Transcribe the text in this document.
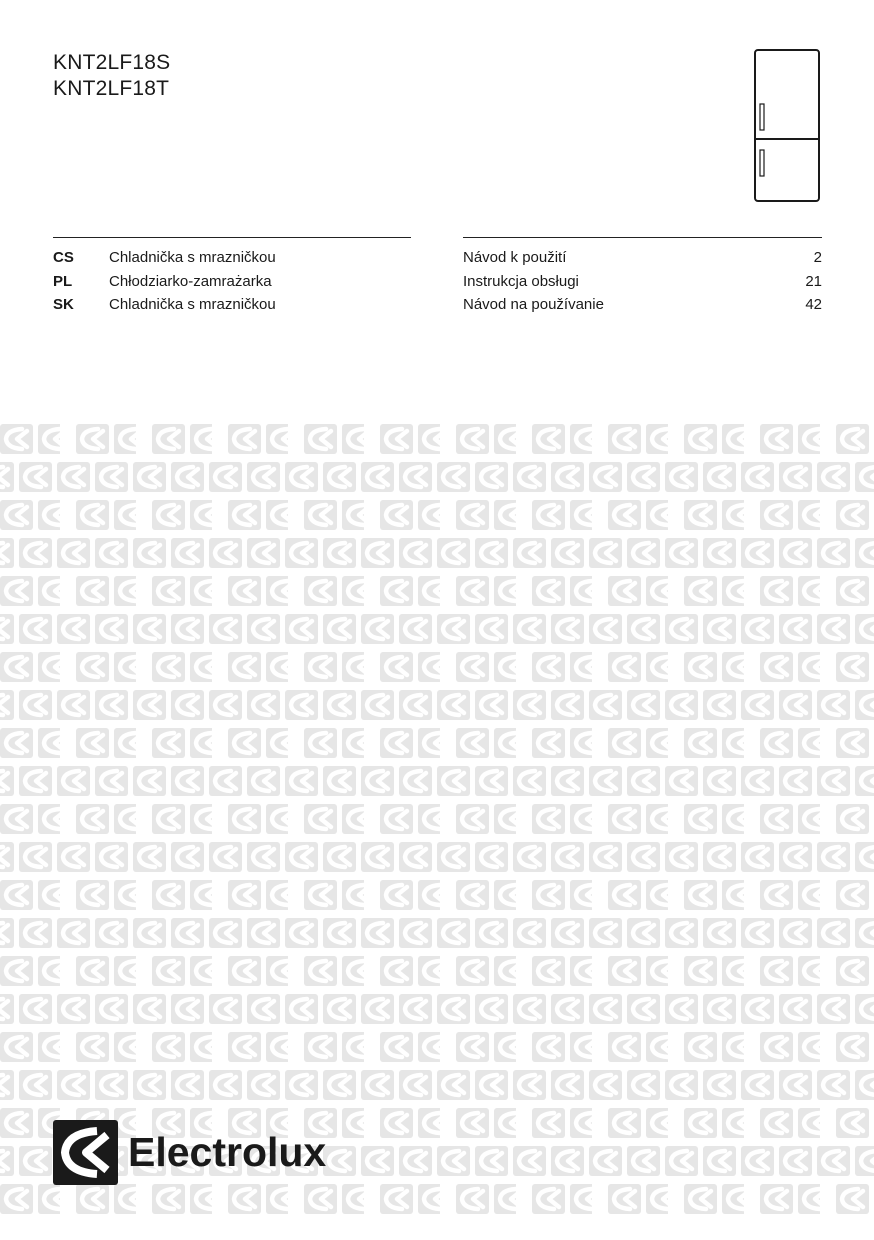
KNT2LF18S
KNT2LF18T
CS	Chladnička s mrazničkou
PL	Chłodziarko-zamrażarka
SK	Chladnička s mrazničkou
Návod k použití	2
Instrukcja obsługi	21
Návod na používanie	42
Electrolux
